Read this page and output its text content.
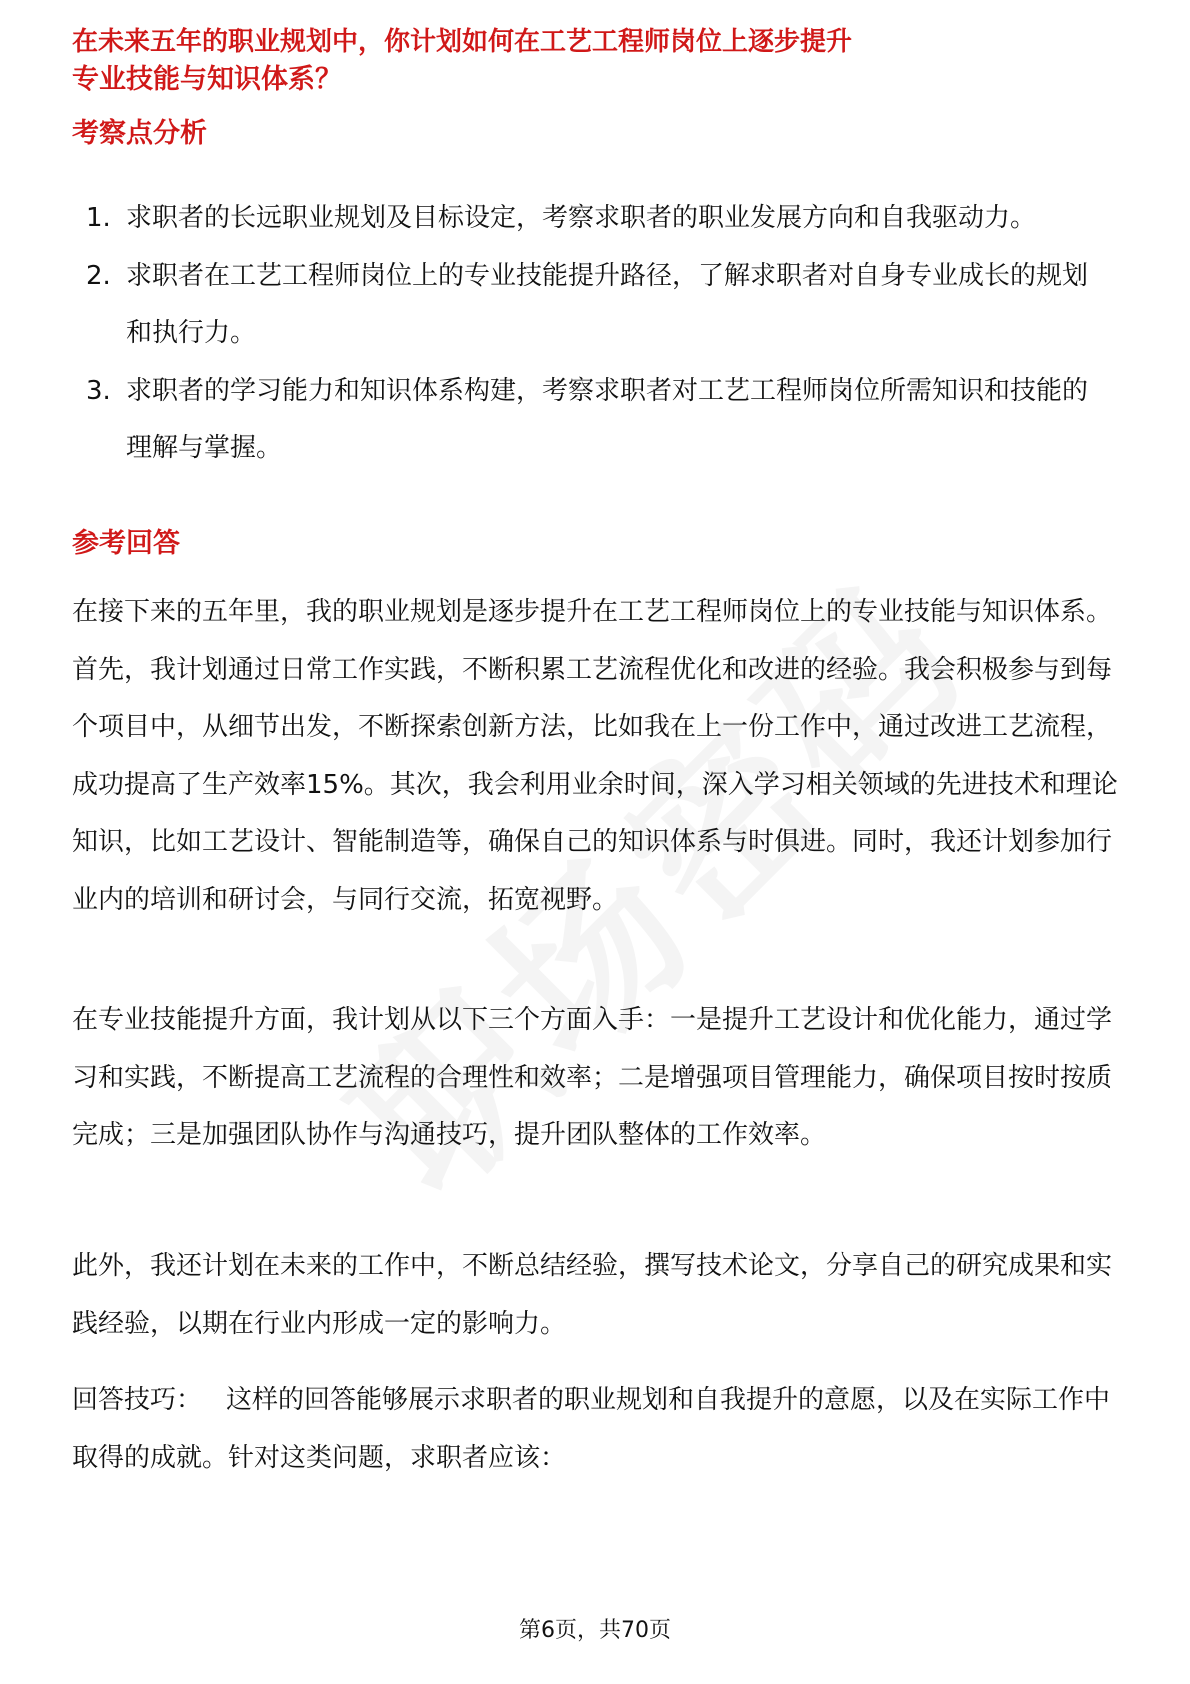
在未来五年的职业规划中，你计划如何在工艺工程师岗位上逐步提升
专业技能与知识体系？
考察点分析
1. 求职者的长远职业规划及目标设定，考察求职者的职业发展方向和自我驱动力。
2. 求职者在工艺工程师岗位上的专业技能提升路径，了解求职者对自身专业成长的规划和执行力。
3. 求职者的学习能力和知识体系构建，考察求职者对工艺工程师岗位所需知识和技能的理解与掌握。
参考回答

在接下来的五年里，我的职业规划是逐步提升在工艺工程师岗位上的专业技能与知识体系。首先，我计划通过日常工作实践，不断积累工艺流程优化和改进的经验。我会积极参与到每个项目中，从细节出发，不断探索创新方法，比如我在上一份工作中，通过改进工艺流程，成功提高了生产效率15%。其次，我会利用业余时间，深入学习相关领域的先进技术和理论知识，比如工艺设计、智能制造等，确保自己的知识体系与时俱进。同时，我还计划参加行业内的培训和研讨会，与同行交流，拓宽视野。

在专业技能提升方面，我计划从以下三个方面入手：一是提升工艺设计和优化能力，通过学习和实践，不断提高工艺流程的合理性和效率；二是增强项目管理能力，确保项目按时按质完成；三是加强团队协作与沟通技巧，提升团队整体的工作效率。

此外，我还计划在未来的工作中，不断总结经验，撰写技术论文，分享自己的研究成果和实践经验，以期在行业内形成一定的影响力。

回答技巧： 这样的回答能够展示求职者的职业规划和自我提升的意愿，以及在实际工作中取得的成就。针对这类问题，求职者应该：

第6页，共70页
